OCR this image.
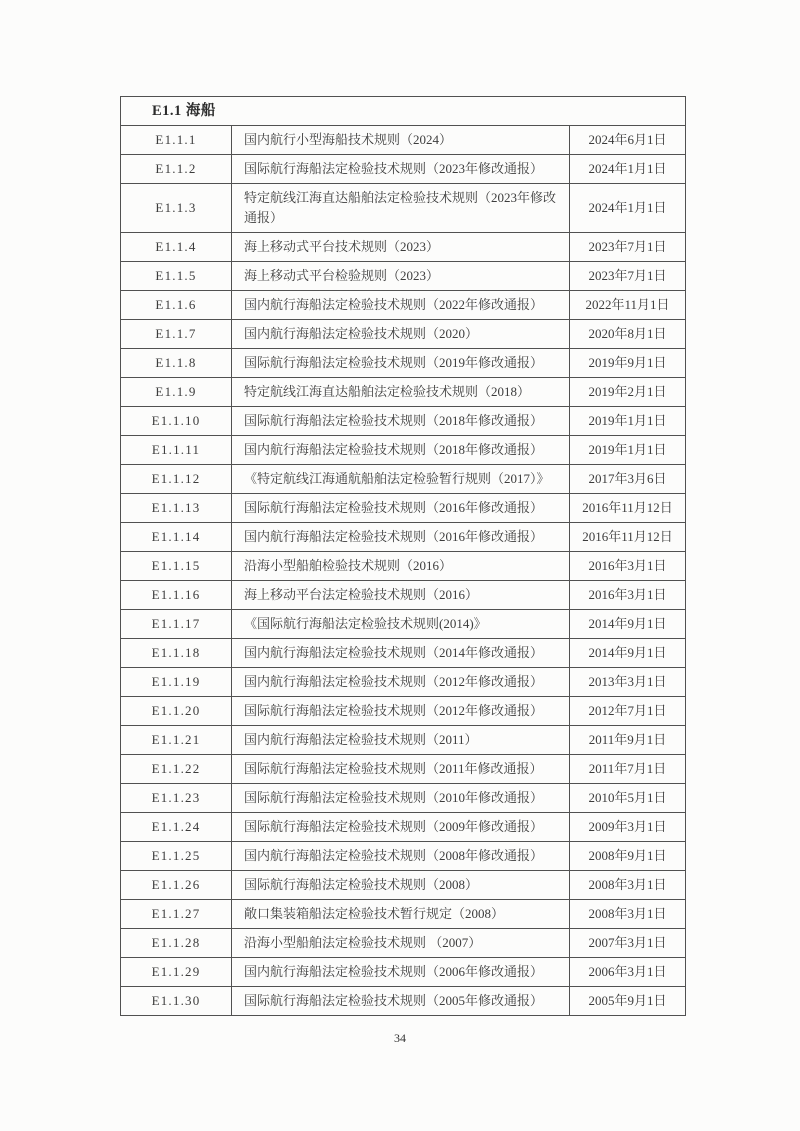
E1.1 海船		
E1.1.1	国内航行小型海船技术规则（2024）	2024年6月1日
E1.1.2	国际航行海船法定检验技术规则（2023年修改通报）	2024年1月1日
E1.1.3	特定航线江海直达船舶法定检验技术规则（2023年修改通报）	2024年1月1日
E1.1.4	海上移动式平台技术规则（2023）	2023年7月1日
E1.1.5	海上移动式平台检验规则（2023）	2023年7月1日
E1.1.6	国内航行海船法定检验技术规则（2022年修改通报）	2022年11月1日
E1.1.7	国内航行海船法定检验技术规则（2020）	2020年8月1日
E1.1.8	国际航行海船法定检验技术规则（2019年修改通报）	2019年9月1日
E1.1.9	特定航线江海直达船舶法定检验技术规则（2018）	2019年2月1日
E1.1.10	国际航行海船法定检验技术规则（2018年修改通报）	2019年1月1日
E1.1.11	国内航行海船法定检验技术规则（2018年修改通报）	2019年1月1日
E1.1.12	《特定航线江海通航船舶法定检验暂行规则（2017）》	2017年3月6日
E1.1.13	国际航行海船法定检验技术规则（2016年修改通报）	2016年11月12日
E1.1.14	国内航行海船法定检验技术规则（2016年修改通报）	2016年11月12日
E1.1.15	沿海小型船舶检验技术规则（2016）	2016年3月1日
E1.1.16	海上移动平台法定检验技术规则（2016）	2016年3月1日
E1.1.17	《国际航行海船法定检验技术规则(2014)》	2014年9月1日
E1.1.18	国内航行海船法定检验技术规则（2014年修改通报）	2014年9月1日
E1.1.19	国内航行海船法定检验技术规则（2012年修改通报）	2013年3月1日
E1.1.20	国际航行海船法定检验技术规则（2012年修改通报）	2012年7月1日
E1.1.21	国内航行海船法定检验技术规则（2011）	2011年9月1日
E1.1.22	国际航行海船法定检验技术规则（2011年修改通报）	2011年7月1日
E1.1.23	国际航行海船法定检验技术规则（2010年修改通报）	2010年5月1日
E1.1.24	国际航行海船法定检验技术规则（2009年修改通报）	2009年3月1日
E1.1.25	国内航行海船法定检验技术规则（2008年修改通报）	2008年9月1日
E1.1.26	国际航行海船法定检验技术规则（2008）	2008年3月1日
E1.1.27	敞口集装箱船法定检验技术暂行规定（2008）	2008年3月1日
E1.1.28	沿海小型船舶法定检验技术规则 （2007）	2007年3月1日
E1.1.29	国内航行海船法定检验技术规则（2006年修改通报）	2006年3月1日
E1.1.30	国际航行海船法定检验技术规则（2005年修改通报）	2005年9月1日
34
